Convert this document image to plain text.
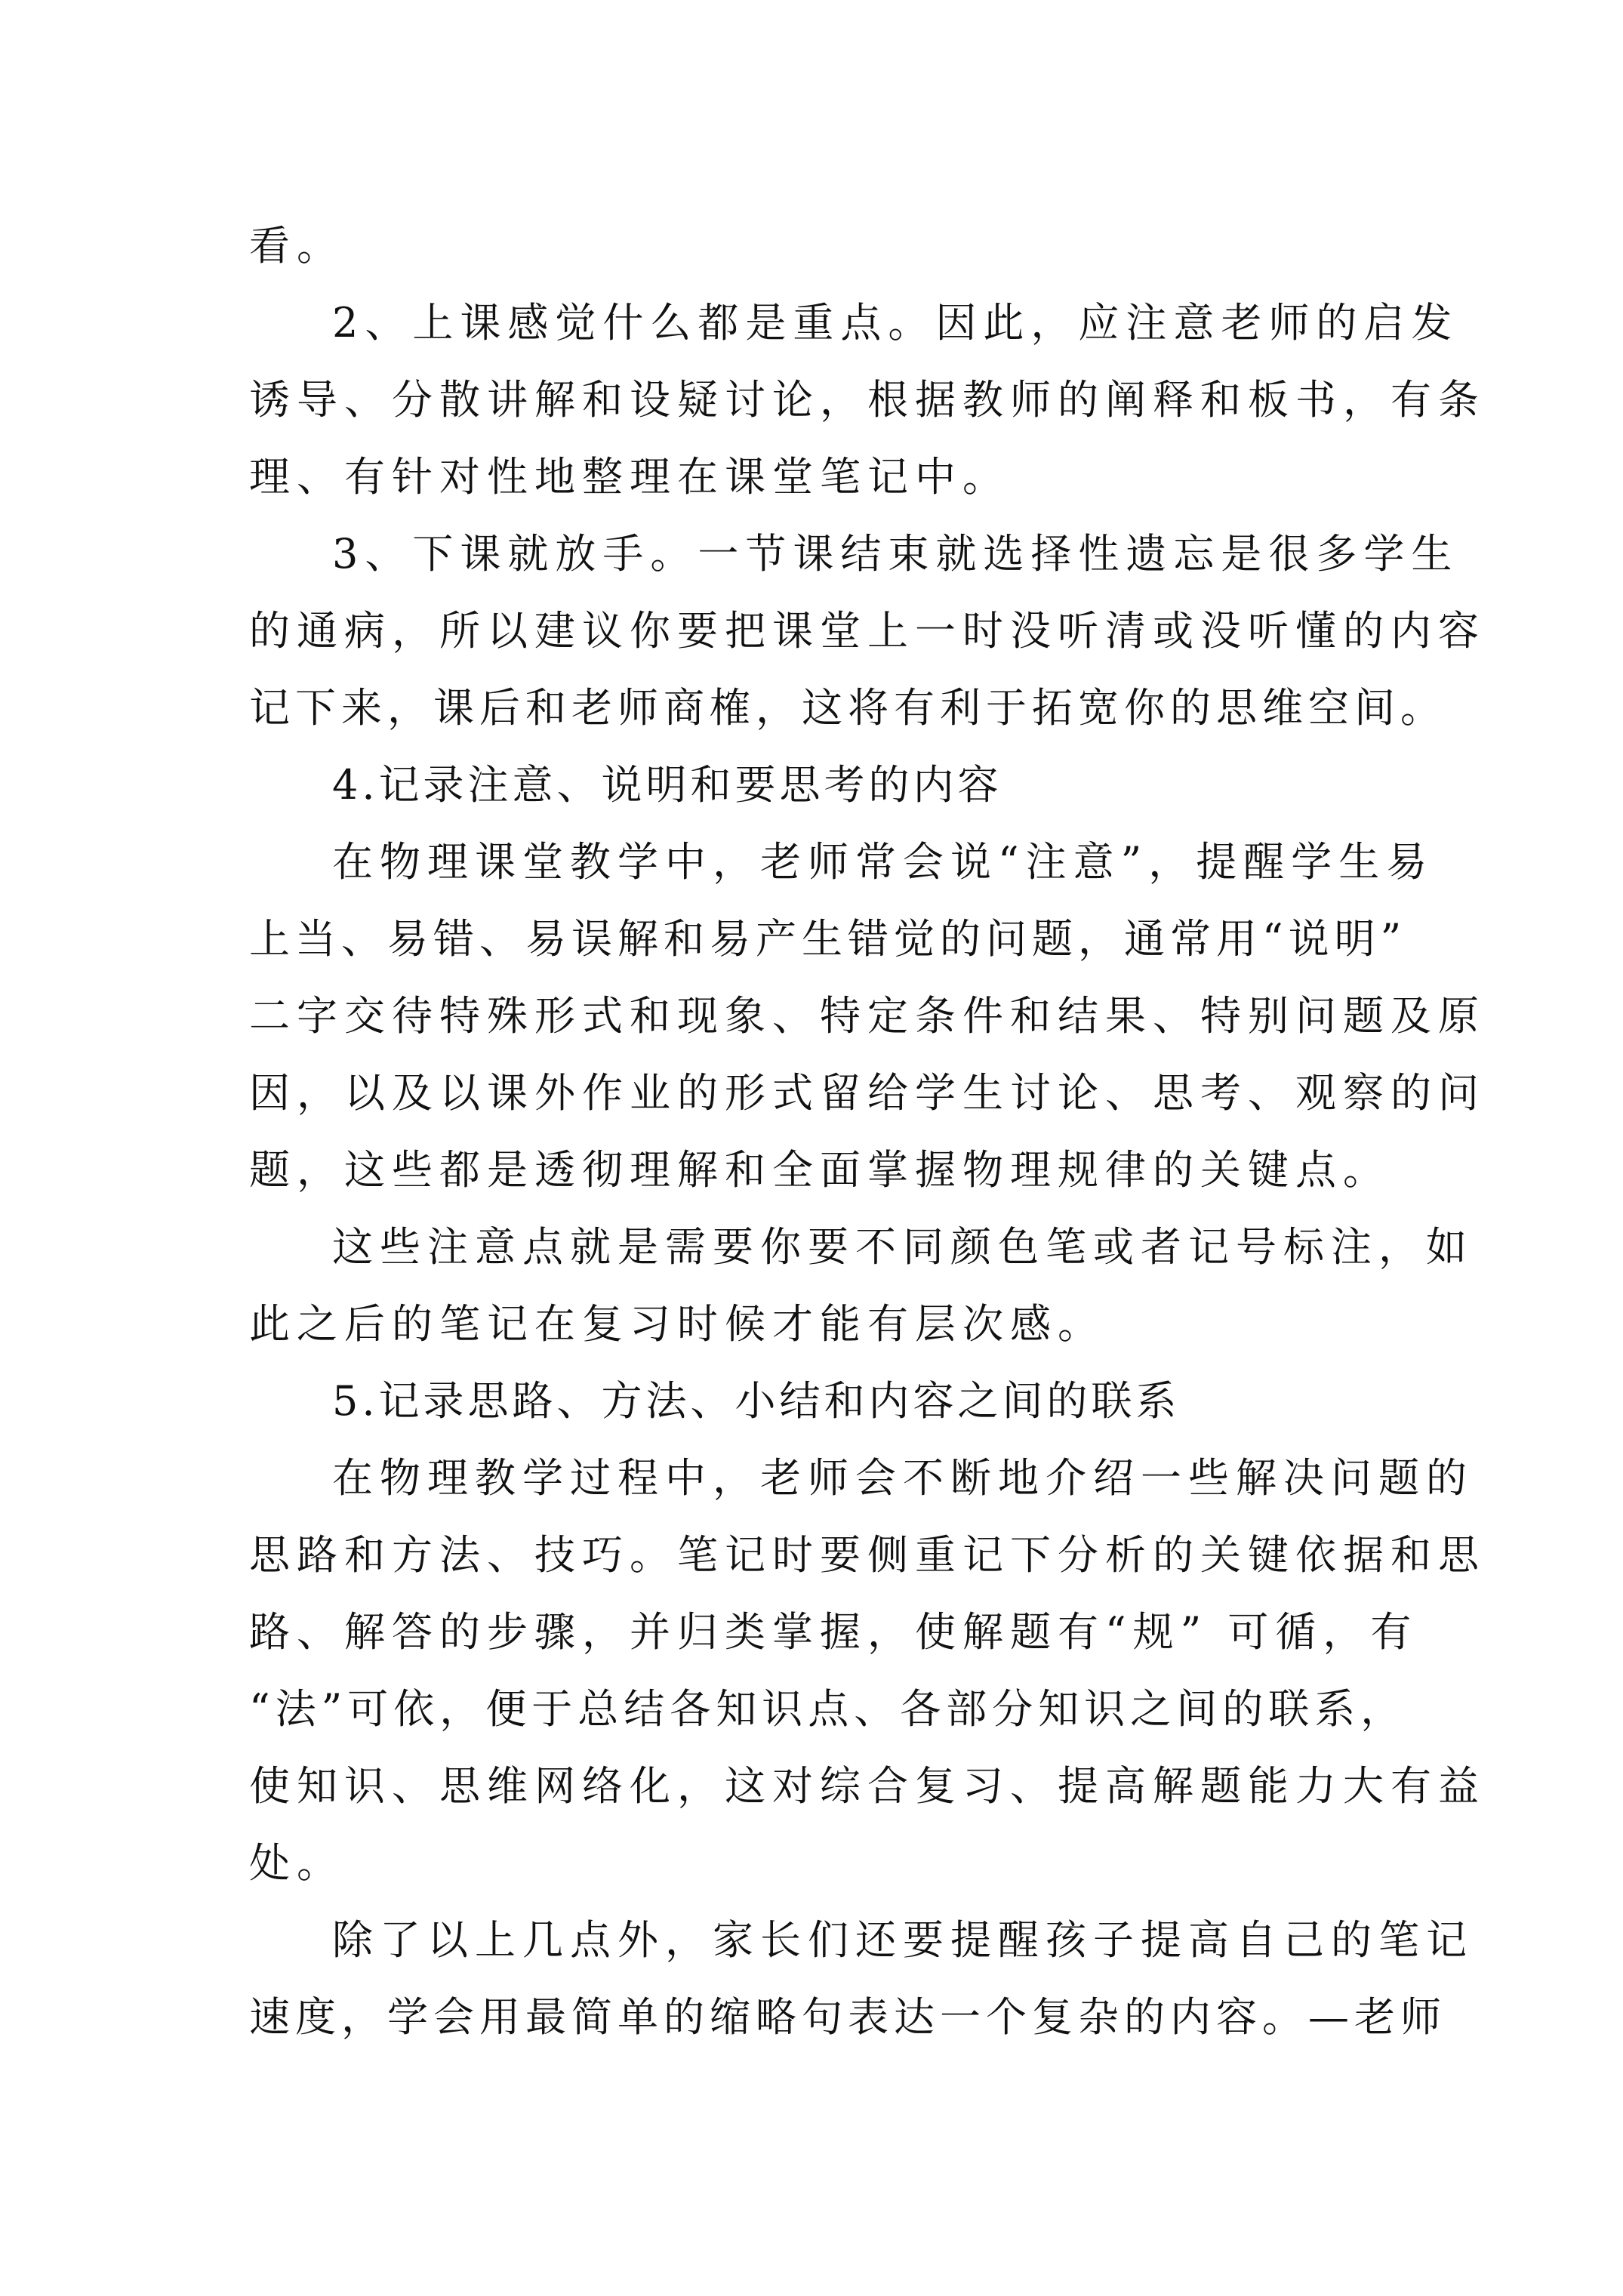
看。
2、上课感觉什么都是重点。因此，应注意老师的启发
诱导、分散讲解和设疑讨论，根据教师的阐释和板书，有条
理、有针对性地整理在课堂笔记中。
3、下课就放手。一节课结束就选择性遗忘是很多学生
的通病，所以建议你要把课堂上一时没听清或没听懂的内容
记下来，课后和老师商榷，这将有利于拓宽你的思维空间。
4.记录注意、说明和要思考的内容
在物理课堂教学中，老师常会说“注意”，提醒学生易
上当、易错、易误解和易产生错觉的问题，通常用“说明”
二字交待特殊形式和现象、特定条件和结果、特别问题及原
因，以及以课外作业的形式留给学生讨论、思考、观察的问
题，这些都是透彻理解和全面掌握物理规律的关键点。
这些注意点就是需要你要不同颜色笔或者记号标注，如
此之后的笔记在复习时候才能有层次感。
5.记录思路、方法、小结和内容之间的联系
在物理教学过程中，老师会不断地介绍一些解决问题的
思路和方法、技巧。笔记时要侧重记下分析的关键依据和思
路、解答的步骤，并归类掌握，使解题有“规” 可循，有
“法”可依，便于总结各知识点、各部分知识之间的联系，
使知识、思维网络化，这对综合复习、提高解题能力大有益
处。
除了以上几点外，家长们还要提醒孩子提高自己的笔记
速度，学会用最简单的缩略句表达一个复杂的内容。—老师
